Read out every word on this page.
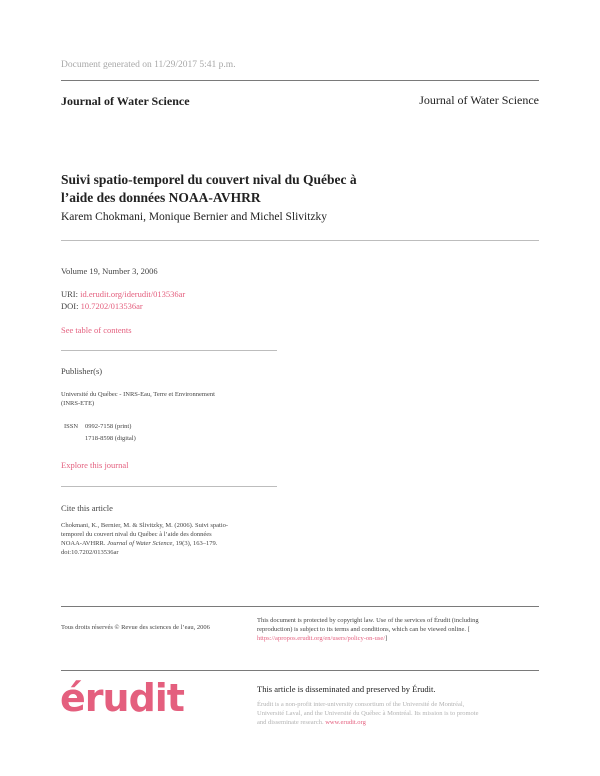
Document generated on 11/29/2017 5:41 p.m.
Journal of Water Science	Journal of Water Science
Suivi spatio-temporel du couvert nival du Québec à
l’aide des données NOAA-AVHRR
Karem Chokmani, Monique Bernier and Michel Slivitzky
Volume 19, Number 3, 2006
URI: id.erudit.org/iderudit/013536ar
DOI: 10.7202/013536ar
See table of contents
Publisher(s)
Université du Québec - INRS-Eau, Terre et Environnement
(INRS-ETE)
ISSN 0992-7158 (print)
1718-8598 (digital)
Explore this journal
Cite this article
Chokmani, K., Bernier, M. & Slivitzky, M. (2006). Suivi spatio-
temporel du couvert nival du Québec à l’aide des données
NOAA-AVHRR. Journal of Water Science, 19(3), 163–179.
doi:10.7202/013536ar
Tous droits réservés © Revue des sciences de l’eau, 2006
This document is protected by copyright law. Use of the services of Érudit (including
reproduction) is subject to its terms and conditions, which can be viewed online. [
https://apropos.erudit.org/en/users/policy-on-use/]
érudit	This article is disseminated and preserved by Érudit.
Érudit is a non-profit inter-university consortium of the Université de Montréal,
Université Laval, and the Université du Québec à Montréal. Its mission is to promote
and disseminate research. www.erudit.org
